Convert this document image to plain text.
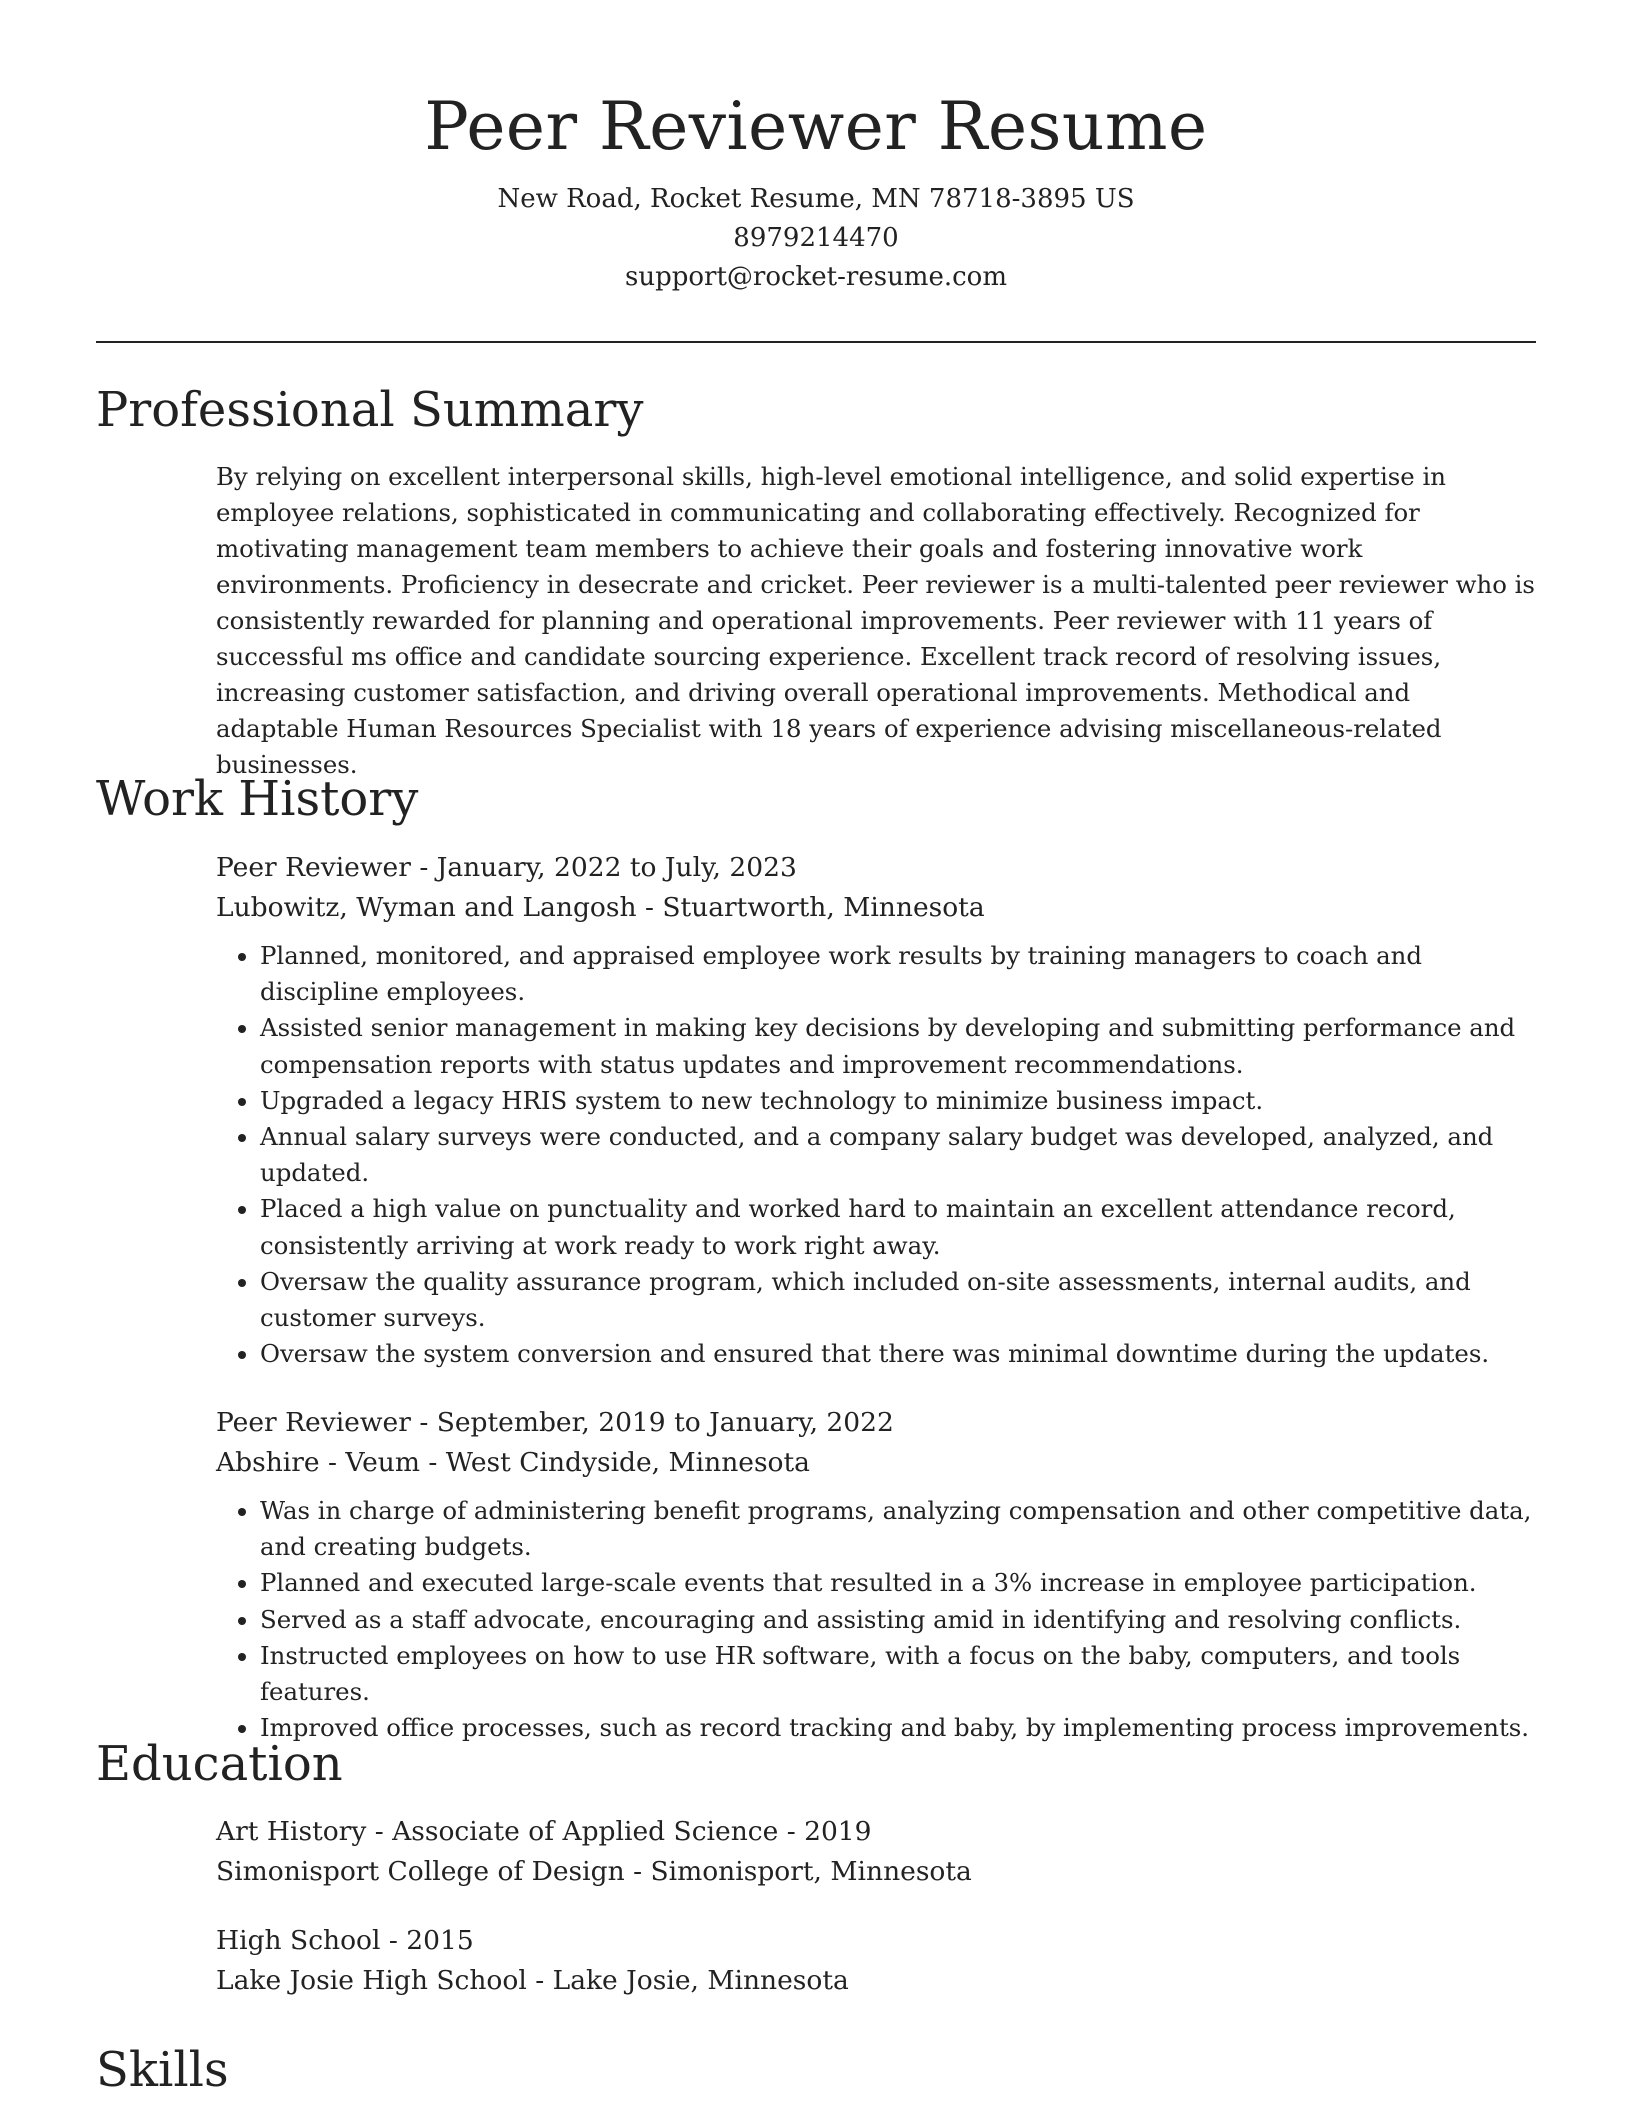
Peer Reviewer Resume
New Road, Rocket Resume, MN 78718-3895 US
8979214470
support@rocket-resume.com
Professional Summary

By relying on excellent interpersonal skills, high-level emotional intelligence, and solid expertise in employee relations, sophisticated in communicating and collaborating effectively. Recognized for motivating management team members to achieve their goals and fostering innovative work environments. Proficiency in desecrate and cricket. Peer reviewer is a multi-talented peer reviewer who is consistently rewarded for planning and operational improvements. Peer reviewer with 11 years of successful ms office and candidate sourcing experience. Excellent track record of resolving issues, increasing customer satisfaction, and driving overall operational improvements. Methodical and adaptable Human Resources Specialist with 18 years of experience advising miscellaneous-related businesses.

Work History
Peer Reviewer - January, 2022 to July, 2023
Lubowitz, Wyman and Langosh - Stuartworth, Minnesota
• Planned, monitored, and appraised employee work results by training managers to coach and discipline employees.
• Assisted senior management in making key decisions by developing and submitting performance and compensation reports with status updates and improvement recommendations.
• Upgraded a legacy HRIS system to new technology to minimize business impact.
• Annual salary surveys were conducted, and a company salary budget was developed, analyzed, and updated.
• Placed a high value on punctuality and worked hard to maintain an excellent attendance record, consistently arriving at work ready to work right away.
• Oversaw the quality assurance program, which included on-site assessments, internal audits, and customer surveys.
• Oversaw the system conversion and ensured that there was minimal downtime during the updates.
Peer Reviewer - September, 2019 to January, 2022
Abshire - Veum - West Cindyside, Minnesota
• Was in charge of administering benefit programs, analyzing compensation and other competitive data, and creating budgets.
• Planned and executed large-scale events that resulted in a 3% increase in employee participation.
• Served as a staff advocate, encouraging and assisting amid in identifying and resolving conflicts.
• Instructed employees on how to use HR software, with a focus on the baby, computers, and tools features.
• Improved office processes, such as record tracking and baby, by implementing process improvements.
Education
Art History - Associate of Applied Science - 2019
Simonisport College of Design - Simonisport, Minnesota
High School - 2015
Lake Josie High School - Lake Josie, Minnesota
Skills
